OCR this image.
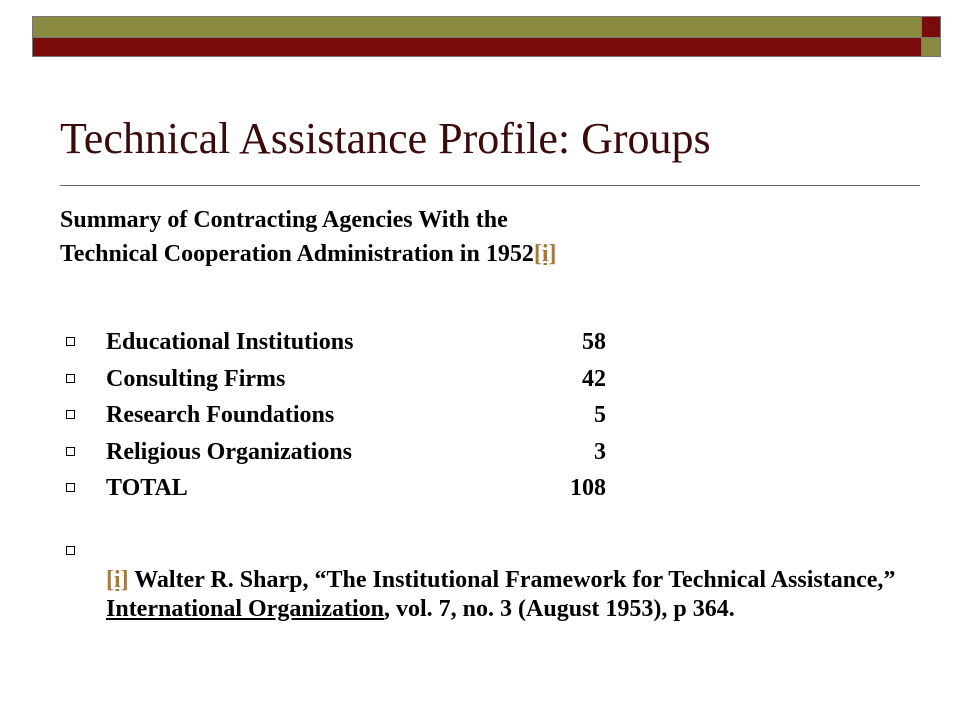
Technical Assistance Profile: Groups
Summary of Contracting Agencies With the
Technical Cooperation Administration in 1952[i]
Educational Institutions	58
Consulting Firms	42
Research Foundations	5
Religious Organizations	3
TOTAL	108
[i] Walter R. Sharp, “The Institutional Framework for Technical Assistance,” International Organization, vol. 7, no. 3 (August 1953), p 364.
